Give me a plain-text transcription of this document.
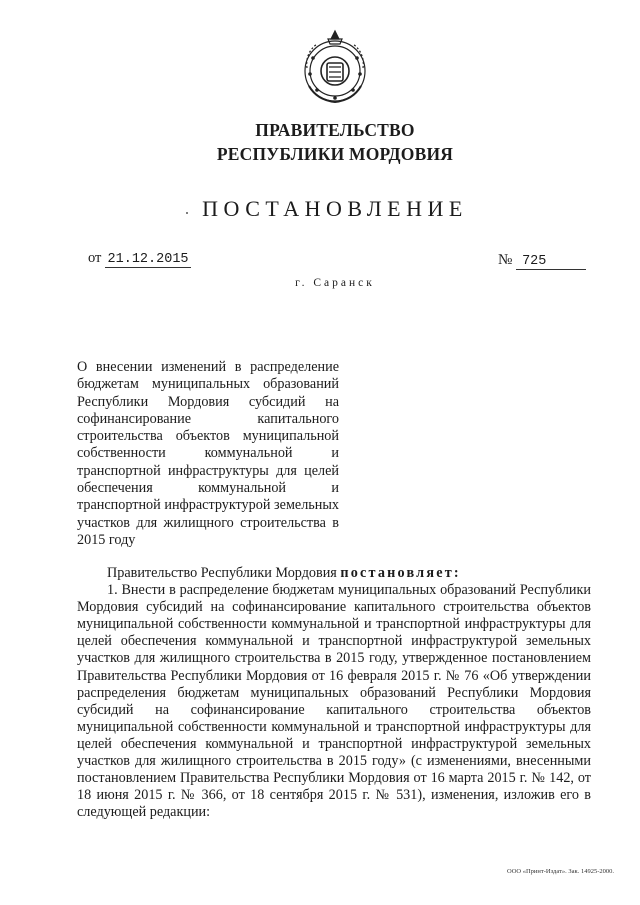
ПРАВИТЕЛЬСТВО
РЕСПУБЛИКИ МОРДОВИЯ
ПОСТАНОВЛЕНИЕ
от 21.12.2015	№ 725
г. Саранск
О внесении изменений в распределение бюджетам муниципальных образований Республики Мордовия субсидий на софинансирование капитального строительства объектов муниципальной собственности коммунальной и транспортной инфраструктуры для целей обеспечения коммунальной и транспортной инфраструктурой земельных участков для жилищного строительства в 2015 году

Правительство Республики Мордовия постановляет:

1. Внести в распределение бюджетам муниципальных образований Республики Мордовия субсидий на софинансирование капитального строительства объектов муниципальной собственности коммунальной и транспортной инфраструктуры для целей обеспечения коммунальной и транспортной инфраструктурой земельных участков для жилищного строительства в 2015 году, утвержденное постановлением Правительства Республики Мордовия от 16 февраля 2015 г. № 76 «Об утверждении распределения бюджетам муниципальных образований Республики Мордовия субсидий на софинансирование капитального строительства объектов муниципальной собственности коммунальной и транспортной инфраструктуры для целей обеспечения коммунальной и транспортной инфраструктурой земельных участков для жилищного строительства в 2015 году» (с изменениями, внесенными постановлением Правительства Республики Мордовия от 16 марта 2015 г. № 142, от 18 июня 2015 г. № 366, от 18 сентября 2015 г. № 531), изменения, изложив его в следующей редакции:

ООО «Принт-Издат». Зак. 14925-2000.
